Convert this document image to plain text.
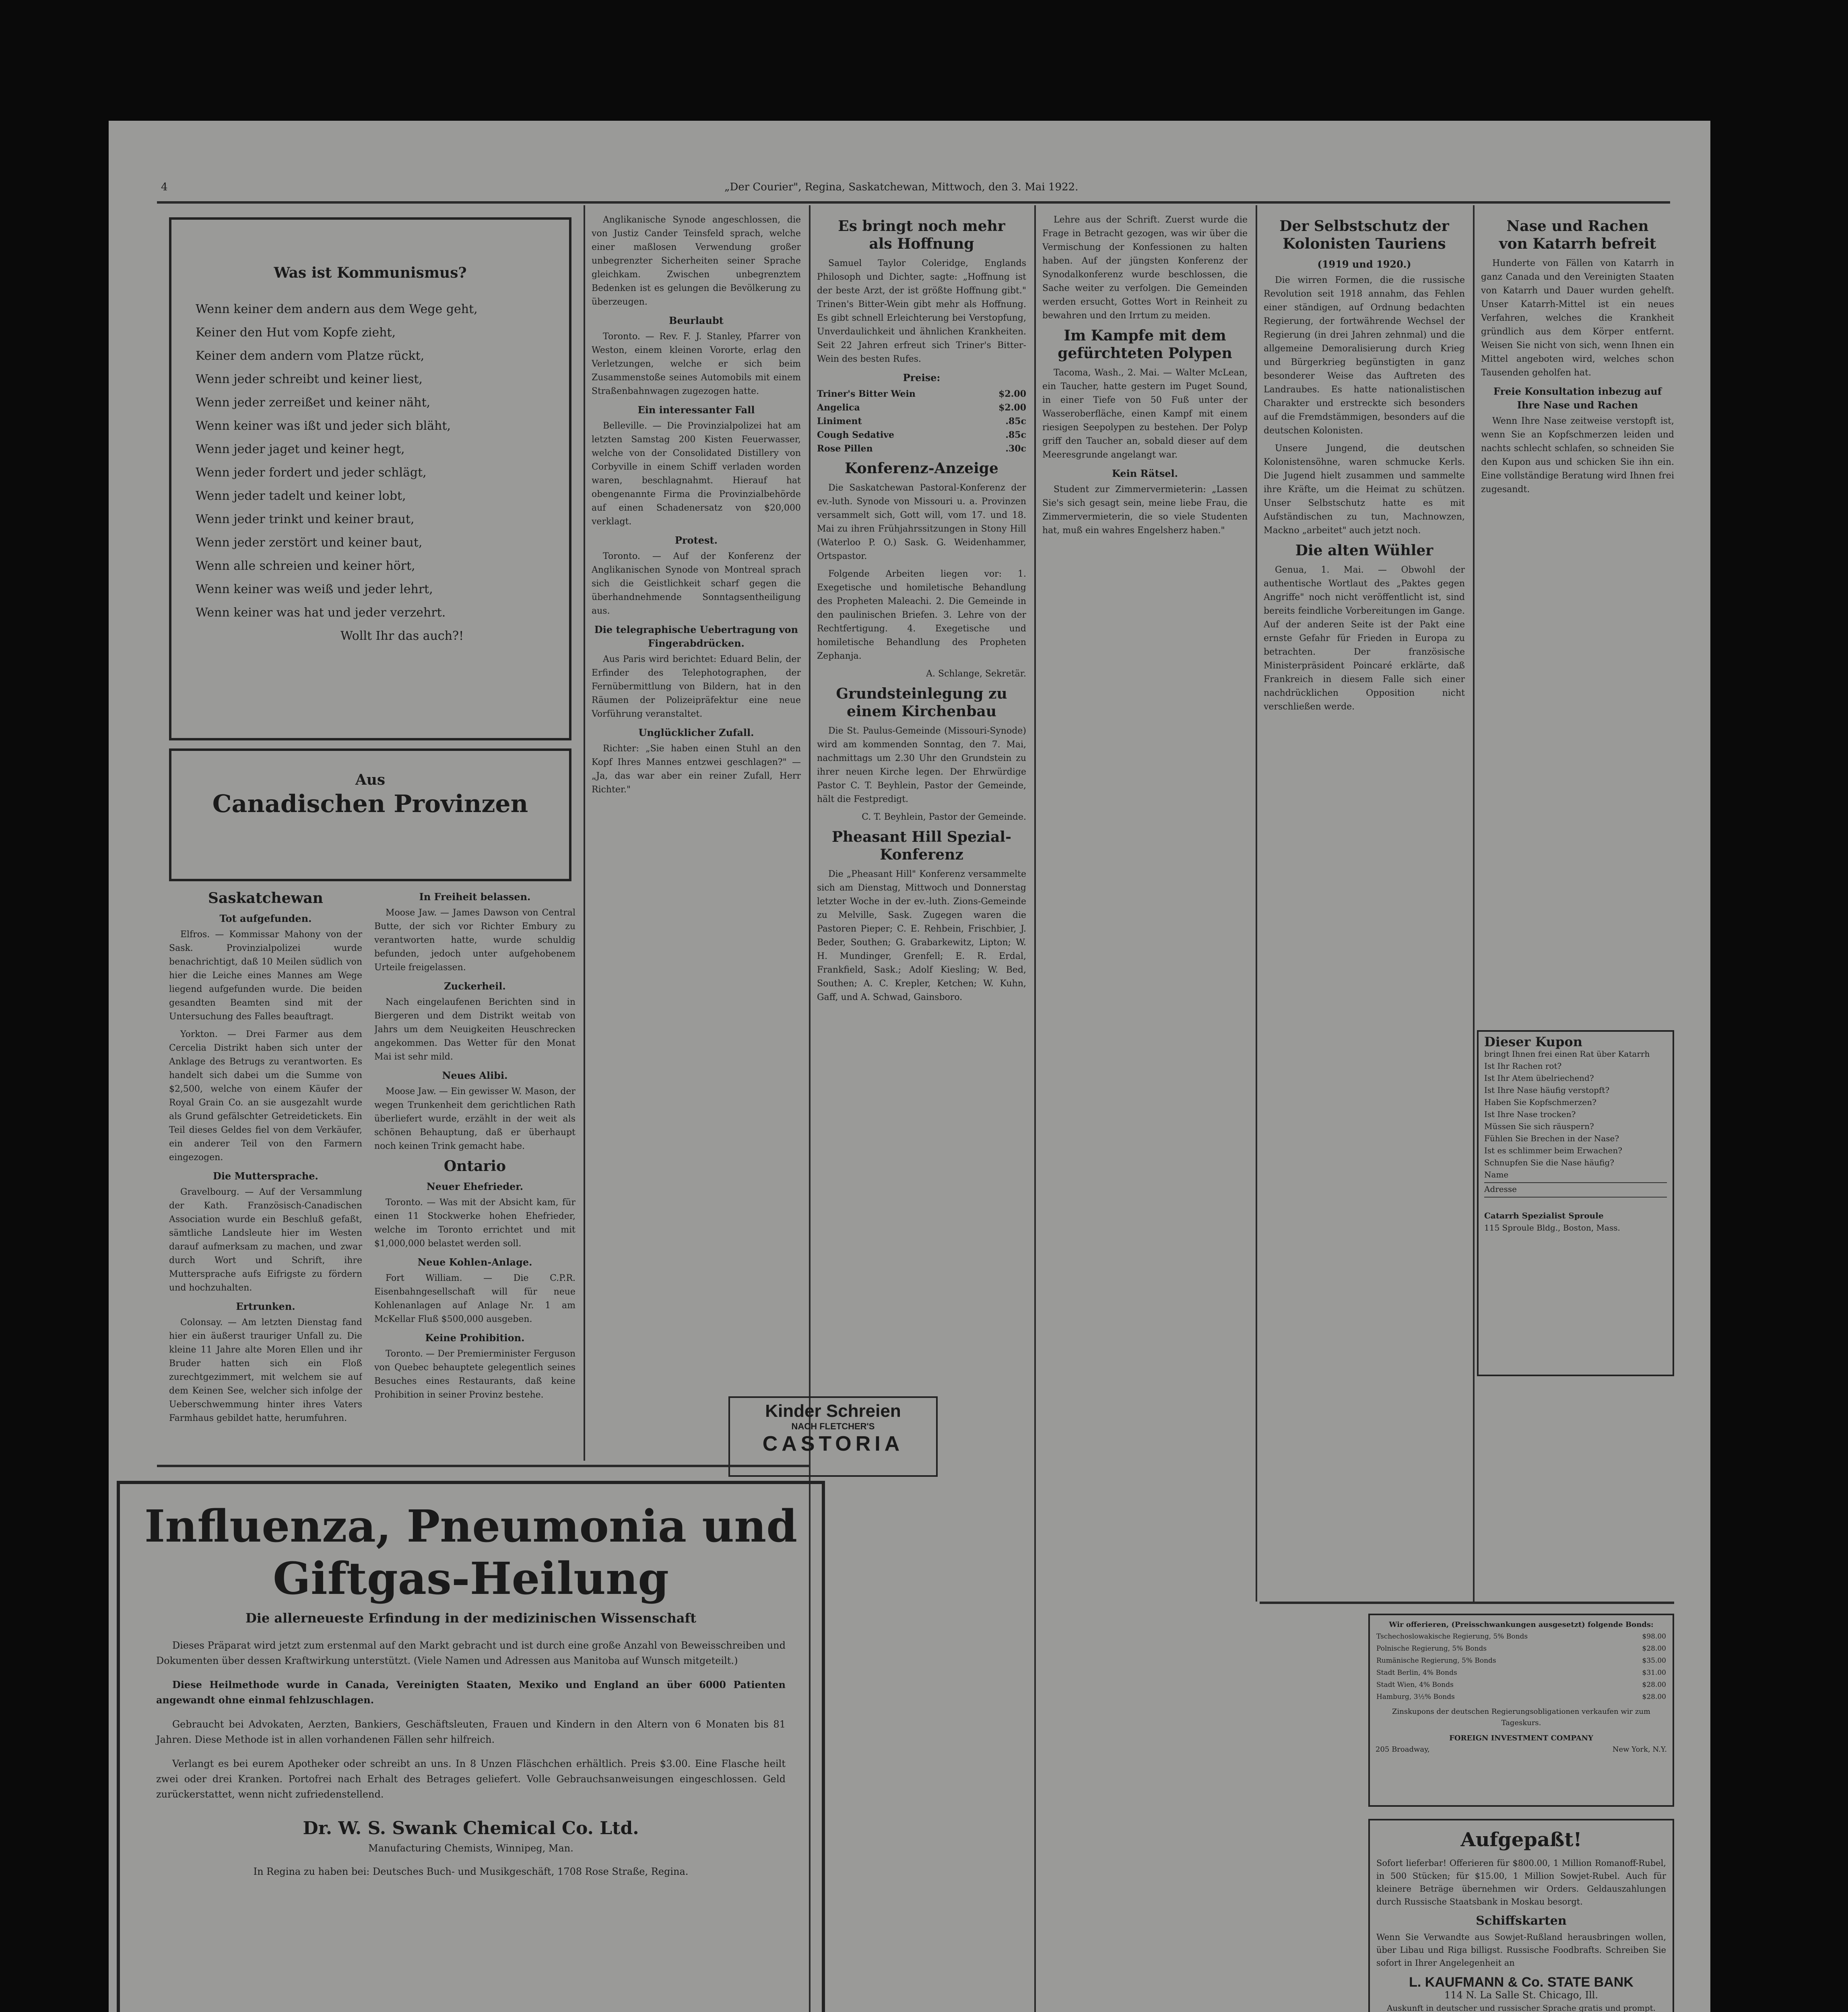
4	„Der Courier", Regina, Saskatchewan, Mittwoch, den 3. Mai 1922.
Was ist Kommunismus?
Wenn keiner dem andern aus dem Wege geht,
Keiner den Hut vom Kopfe zieht,
Keiner dem andern vom Platze rückt,
Wenn jeder schreibt und keiner liest,
Wenn jeder zerreißet und keiner näht,
Wenn keiner was ißt und jeder sich bläht,
Wenn jeder jaget und keiner hegt,
Wenn jeder fordert und jeder schlägt,
Wenn jeder tadelt und keiner lobt,
Wenn jeder trinkt und keiner braut,
Wenn jeder zerstört und keiner baut,
Wenn alle schreien und keiner hört,
Wenn keiner was weiß und jeder lehrt,
Wenn keiner was hat und jeder verzehrt.
Wollt Ihr das auch?!
Aus
Canadischen Provinzen
Saskatchewan
Tot aufgefunden.

Elfros. — Kommissar Mahony von der Sask. Provinzialpolizei wurde benachrichtigt, daß 10 Meilen südlich von hier die Leiche eines Mannes am Wege liegend aufgefunden wurde. Die beiden gesandten Beamten sind mit der Untersuchung des Falles beauftragt.

Yorkton. — Drei Farmer aus dem Cercelia Distrikt haben sich unter der Anklage des Betrugs zu verantworten. Es handelt sich dabei um die Summe von $2,500, welche von einem Käufer der Royal Grain Co. an sie ausgezahlt wurde als Grund gefälschter Getreidetickets. Ein Teil dieses Geldes fiel von dem Verkäufer, ein anderer Teil von den Farmern eingezogen.

Die Muttersprache.

Gravelbourg. — Auf der Versammlung der Kath. Französisch-Canadischen Association wurde ein Beschluß gefaßt, sämtliche Landsleute hier im Westen darauf aufmerksam zu machen, und zwar durch Wort und Schrift, ihre Muttersprache aufs Eifrigste zu fördern und hochzuhalten.

Ertrunken.

Colonsay. — Am letzten Dienstag fand hier ein äußerst trauriger Unfall zu. Die kleine 11 Jahre alte Moren Ellen und ihr Bruder hatten sich ein Floß zurechtgezimmert, mit welchem sie auf dem Keinen See, welcher sich infolge der Ueberschwemmung hinter ihres Vaters Farmhaus gebildet hatte, herumfuhren.

In Freiheit belassen.

Moose Jaw. — James Dawson von Central Butte, der sich vor Richter Embury zu verantworten hatte, wurde schuldig befunden, jedoch unter aufgehobenem Urteile freigelassen.

Zuckerheil.

Nach eingelaufenen Berichten sind in Biergeren und dem Distrikt weitab von Jahrs um dem Neuigkeiten Heuschrecken angekommen. Das Wetter für den Monat Mai ist sehr mild.

Neues Alibi.

Moose Jaw. — Ein gewisser W. Mason, der wegen Trunkenheit dem gerichtlichen Rath überliefert wurde, erzählt in der weit als schönen Behauptung, daß er überhaupt noch keinen Trink gemacht habe.

Ontario
Neuer Ehefrieder.

Toronto. — Was mit der Absicht kam, für einen 11 Stockwerke hohen Ehefrieder, welche im Toronto errichtet und mit $1,000,000 belastet werden soll.

Neue Kohlen-Anlage.

Fort William. — Die C.P.R. Eisenbahngesellschaft will für neue Kohlenanlagen auf Anlage Nr. 1 am McKellar Fluß $500,000 ausgeben.

Keine Prohibition.

Toronto. — Der Premierminister Ferguson von Quebec behauptete gelegentlich seines Besuches eines Restaurants, daß keine Prohibition in seiner Provinz bestehe.

Anglikanische Synode angeschlossen, die von Justiz Cander Teinsfeld sprach, welche einer maßlosen Verwendung großer unbegrenzter Sicherheiten seiner Sprache gleichkam. Zwischen unbegrenztem Bedenken ist es gelungen die Bevölkerung zu überzeugen.

Beurlaubt

Toronto. — Rev. F. J. Stanley, Pfarrer von Weston, einem kleinen Vororte, erlag den Verletzungen, welche er sich beim Zusammenstoße seines Automobils mit einem Straßenbahnwagen zugezogen hatte.

Ein interessanter Fall

Belleville. — Die Provinzialpolizei hat am letzten Samstag 200 Kisten Feuerwasser, welche von der Consolidated Distillery von Corbyville in einem Schiff verladen worden waren, beschlagnahmt. Hierauf hat obengenannte Firma die Provinzialbehörde auf einen Schadenersatz von $20,000 verklagt.

Protest.

Toronto. — Auf der Konferenz der Anglikanischen Synode von Montreal sprach sich die Geistlichkeit scharf gegen die überhandnehmende Sonntagsentheiligung aus.

Die telegraphische Uebertragung von Fingerabdrücken.

Aus Paris wird berichtet: Eduard Belin, der Erfinder des Telephotographen, der Fernübermittlung von Bildern, hat in den Räumen der Polizeipräfektur eine neue Vorführung veranstaltet.

Unglücklicher Zufall.

Richter: „Sie haben einen Stuhl an den Kopf Ihres Mannes entzwei geschlagen?" — „Ja, das war aber ein reiner Zufall, Herr Richter."

Kinder Schreien
NACH FLETCHER'S
CASTORIA
Es bringt noch mehr
als Hoffnung

Samuel Taylor Coleridge, Englands Philosoph und Dichter, sagte: „Hoffnung ist der beste Arzt, der ist größte Hoffnung gibt." Trinen's Bitter-Wein gibt mehr als Hoffnung. Es gibt schnell Erleichterung bei Verstopfung, Unverdaulichkeit und ähnlichen Krankheiten. Seit 22 Jahren erfreut sich Triner's Bitter-Wein des besten Rufes.

Preise:
Triner's Bitter Wein	$2.00
Angelica	$2.00
Liniment	.85c
Cough Sedative	.85c
Rose Pillen	.30c
Konferenz-Anzeige

Die Saskatchewan Pastoral-Konferenz der ev.-luth. Synode von Missouri u. a. Provinzen versammelt sich, Gott will, vom 17. und 18. Mai zu ihren Frühjahrssitzungen in Stony Hill (Waterloo P. O.) Sask. G. Weidenhammer, Ortspastor.

Folgende Arbeiten liegen vor: 1. Exegetische und homiletische Behandlung des Propheten Maleachi. 2. Die Gemeinde in den paulinischen Briefen. 3. Lehre von der Rechtfertigung. 4. Exegetische und homiletische Behandlung des Propheten Zephanja.

A. Schlange, Sekretär.

Grundsteinlegung zu einem Kirchenbau

Die St. Paulus-Gemeinde (Missouri-Synode) wird am kommenden Sonntag, den 7. Mai, nachmittags um 2.30 Uhr den Grundstein zu ihrer neuen Kirche legen. Der Ehrwürdige Pastor C. T. Beyhlein, Pastor der Gemeinde, hält die Festpredigt.

C. T. Beyhlein, Pastor der Gemeinde.

Pheasant Hill Spezial-Konferenz

Die „Pheasant Hill" Konferenz versammelte sich am Dienstag, Mittwoch und Donnerstag letzter Woche in der ev.-luth. Zions-Gemeinde zu Melville, Sask. Zugegen waren die Pastoren Pieper; C. E. Rehbein, Frischbier, J. Beder, Southen; G. Grabarkewitz, Lipton; W. H. Mundinger, Grenfell; E. R. Erdal, Frankfield, Sask.; Adolf Kiesling; W. Bed, Southen; A. C. Krepler, Ketchen; W. Kuhn, Gaff, und A. Schwad, Gainsboro.

Lehre aus der Schrift. Zuerst wurde die Frage in Betracht gezogen, was wir über die Vermischung der Konfessionen zu halten haben. Auf der jüngsten Konferenz der Synodalkonferenz wurde beschlossen, die Sache weiter zu verfolgen. Die Gemeinden werden ersucht, Gottes Wort in Reinheit zu bewahren und den Irrtum zu meiden.

Im Kampfe mit dem gefürchteten Polypen

Tacoma, Wash., 2. Mai. — Walter McLean, ein Taucher, hatte gestern im Puget Sound, in einer Tiefe von 50 Fuß unter der Wasseroberfläche, einen Kampf mit einem riesigen Seepolypen zu bestehen. Der Polyp griff den Taucher an, sobald dieser auf dem Meeresgrunde angelangt war.

Kein Rätsel.

Student zur Zimmervermieterin: „Lassen Sie's sich gesagt sein, meine liebe Frau, die Zimmervermieterin, die so viele Studenten hat, muß ein wahres Engelsherz haben."

Der Selbstschutz der Kolonisten Tauriens
(1919 und 1920.)

Die wirren Formen, die die russische Revolution seit 1918 annahm, das Fehlen einer ständigen, auf Ordnung bedachten Regierung, der fortwährende Wechsel der Regierung (in drei Jahren zehnmal) und die allgemeine Demoralisierung durch Krieg und Bürgerkrieg begünstigten in ganz besonderer Weise das Auftreten des Landraubes. Es hatte nationalistischen Charakter und erstreckte sich besonders auf die Fremdstämmigen, besonders auf die deutschen Kolonisten.

Unsere Jungend, die deutschen Kolonistensöhne, waren schmucke Kerls. Die Jugend hielt zusammen und sammelte ihre Kräfte, um die Heimat zu schützen. Unser Selbstschutz hatte es mit Aufständischen zu tun, Machnowzen, Mackno „arbeitet" auch jetzt noch.

Die alten Wühler

Genua, 1. Mai. — Obwohl der authentische Wortlaut des „Paktes gegen Angriffe" noch nicht veröffentlicht ist, sind bereits feindliche Vorbereitungen im Gange. Auf der anderen Seite ist der Pakt eine ernste Gefahr für Frieden in Europa zu betrachten. Der französische Ministerpräsident Poincaré erklärte, daß Frankreich in diesem Falle sich einer nachdrücklichen Opposition nicht verschließen werde.

Nase und Rachen
von Katarrh befreit

Hunderte von Fällen von Katarrh in ganz Canada und den Vereinigten Staaten von Katarrh und Dauer wurden gehelft. Unser Katarrh-Mittel ist ein neues Verfahren, welches die Krankheit gründlich aus dem Körper entfernt. Weisen Sie nicht von sich, wenn Ihnen ein Mittel angeboten wird, welches schon Tausenden geholfen hat.

Freie Konsultation inbezug auf Ihre Nase und Rachen

Wenn Ihre Nase zeitweise verstopft ist, wenn Sie an Kopfschmerzen leiden und nachts schlecht schlafen, so schneiden Sie den Kupon aus und schicken Sie ihn ein. Eine vollständige Beratung wird Ihnen frei zugesandt.

Dieser Kupon
bringt Ihnen frei einen Rat über Katarrh
Ist Ihr Rachen rot?
Ist Ihr Atem übelriechend?
Ist Ihre Nase häufig verstopft?
Haben Sie Kopfschmerzen?
Ist Ihre Nase trocken?
Müssen Sie sich räuspern?
Fühlen Sie Brechen in der Nase?
Ist es schlimmer beim Erwachen?
Schnupfen Sie die Nase häufig?
Name
Adresse
Catarrh Spezialist Sproule
115 Sproule Bldg., Boston, Mass.
Influenza, Pneumonia und
Giftgas-Heilung
Die allerneueste Erfindung in der medizinischen Wissenschaft

Dieses Präparat wird jetzt zum erstenmal auf den Markt gebracht und ist durch eine große Anzahl von Beweisschreiben und Dokumenten über dessen Kraftwirkung unterstützt. (Viele Namen und Adressen aus Manitoba auf Wunsch mitgeteilt.)

Diese Heilmethode wurde in Canada, Vereinigten Staaten, Mexiko und England an über 6000 Patienten angewandt ohne einmal fehlzuschlagen.

Gebraucht bei Advokaten, Aerzten, Bankiers, Geschäftsleuten, Frauen und Kindern in den Altern von 6 Monaten bis 81 Jahren. Diese Methode ist in allen vorhandenen Fällen sehr hilfreich.

Verlangt es bei eurem Apotheker oder schreibt an uns. In 8 Unzen Fläschchen erhältlich. Preis $3.00. Eine Flasche heilt zwei oder drei Kranken. Portofrei nach Erhalt des Betrages geliefert. Volle Gebrauchsanweisungen eingeschlossen. Geld zurückerstattet, wenn nicht zufriedenstellend.

Dr. W. S. Swank Chemical Co. Ltd.
Manufacturing Chemists, Winnipeg, Man.
In Regina zu haben bei: Deutsches Buch- und Musikgeschäft, 1708 Rose Straße, Regina.
Wir offerieren, (Preisschwankungen ausgesetzt) folgende Bonds:
Tschechoslowakische Regierung, 5% Bonds	$98.00
Polnische Regierung, 5% Bonds	$28.00
Rumänische Regierung, 5% Bonds	$35.00
Stadt Berlin, 4% Bonds	$31.00
Stadt Wien, 4% Bonds	$28.00
Hamburg, 3½% Bonds	$28.00
Zinskupons der deutschen Regierungsobligationen verkaufen wir zum Tageskurs.
FOREIGN INVESTMENT COMPANY
205 Broadway,	New York, N.Y.
Aufgepaßt!
Sofort lieferbar! Offerieren für $800.00, 1 Million Romanoff-Rubel, in 500 Stücken; für $15.00, 1 Million Sowjet-Rubel. Auch für kleinere Beträge übernehmen wir Orders. Geldauszahlungen durch Russische Staatsbank in Moskau besorgt.
Schiffskarten
Wenn Sie Verwandte aus Sowjet-Rußland herausbringen wollen, über Libau und Riga billigst. Russische Foodbrafts. Schreiben Sie sofort in Ihrer Angelegenheit an
L. KAUFMANN & Co. STATE BANK
114 N. La Salle St. Chicago, Ill.
Auskunft in deutscher und russischer Sprache gratis und prompt.
